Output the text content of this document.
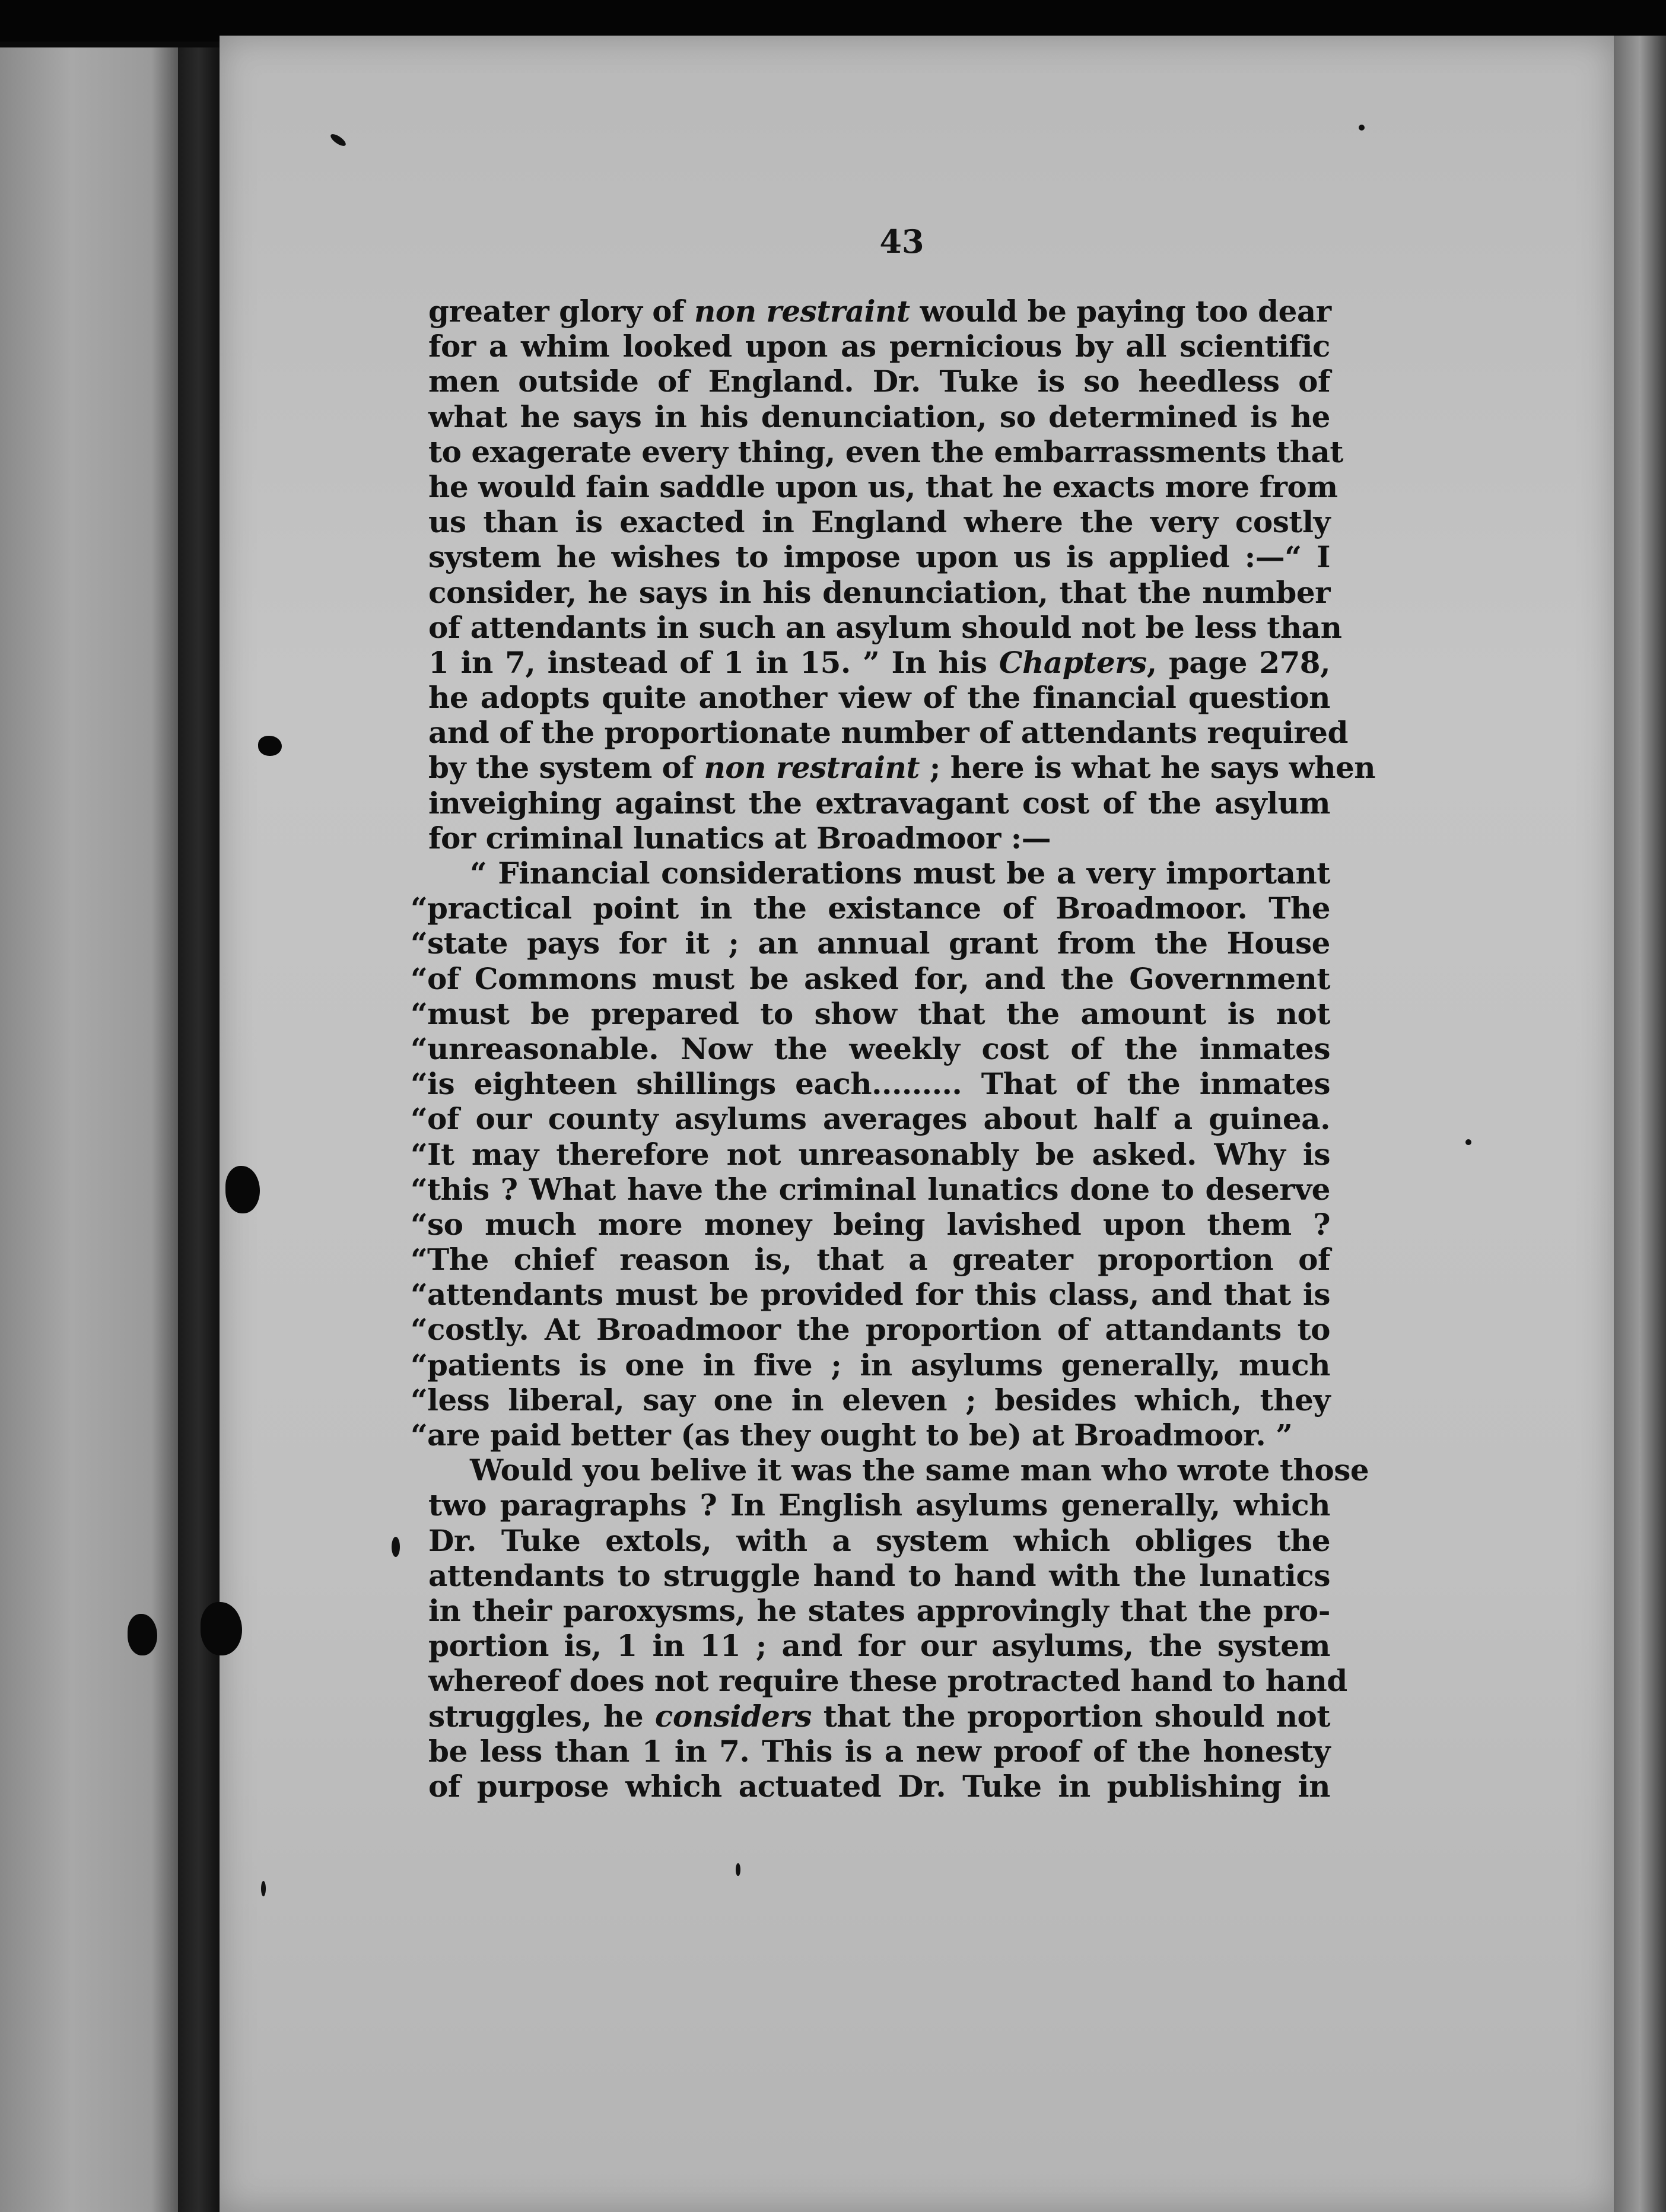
43
greater glory of non restraint would be paying too dear
for a whim looked upon as pernicious by all scientific
men outside of England. Dr. Tuke is so heedless of
what he says in his denunciation, so determined is he
to exagerate every thing, even the embarrassments that
he would fain saddle upon us, that he exacts more from
us than is exacted in England where the very costly
system he wishes to impose upon us is applied :—“ I
consider, he says in his denunciation, that the number
of attendants in such an asylum should not be less than
1 in 7, instead of 1 in 15. ” In his Chapters, page 278,
he adopts quite another view of the financial question
and of the proportionate number of attendants required
by the system of non restraint ; here is what he says when
inveighing against the extravagant cost of the asylum
for criminal lunatics at Broadmoor :—
“ Financial considerations must be a very important
“practical point in the existance of Broadmoor. The
“state pays for it ; an annual grant from the House
“of Commons must be asked for, and the Government
“must be prepared to show that the amount is not
“unreasonable. Now the weekly cost of the inmates
“is eighteen shillings each......... That of the inmates
“of our county asylums averages about half a guinea.
“It may therefore not unreasonably be asked. Why is
“this ? What have the criminal lunatics done to deserve
“so much more money being lavished upon them ?
“The chief reason is, that a greater proportion of
“attendants must be provided for this class, and that is
“costly. At Broadmoor the proportion of attandants to
“patients is one in five ; in asylums generally, much
“less liberal, say one in eleven ; besides which, they
“are paid better (as they ought to be) at Broadmoor. ”
Would you belive it was the same man who wrote those
two paragraphs ? In English asylums generally, which
Dr. Tuke extols, with a system which obliges the
attendants to struggle hand to hand with the lunatics
in their paroxysms, he states approvingly that the pro-
portion is, 1 in 11 ; and for our asylums, the system
whereof does not require these protracted hand to hand
struggles, he considers that the proportion should not
be less than 1 in 7. This is a new proof of the honesty
of purpose which actuated Dr. Tuke in publishing in
